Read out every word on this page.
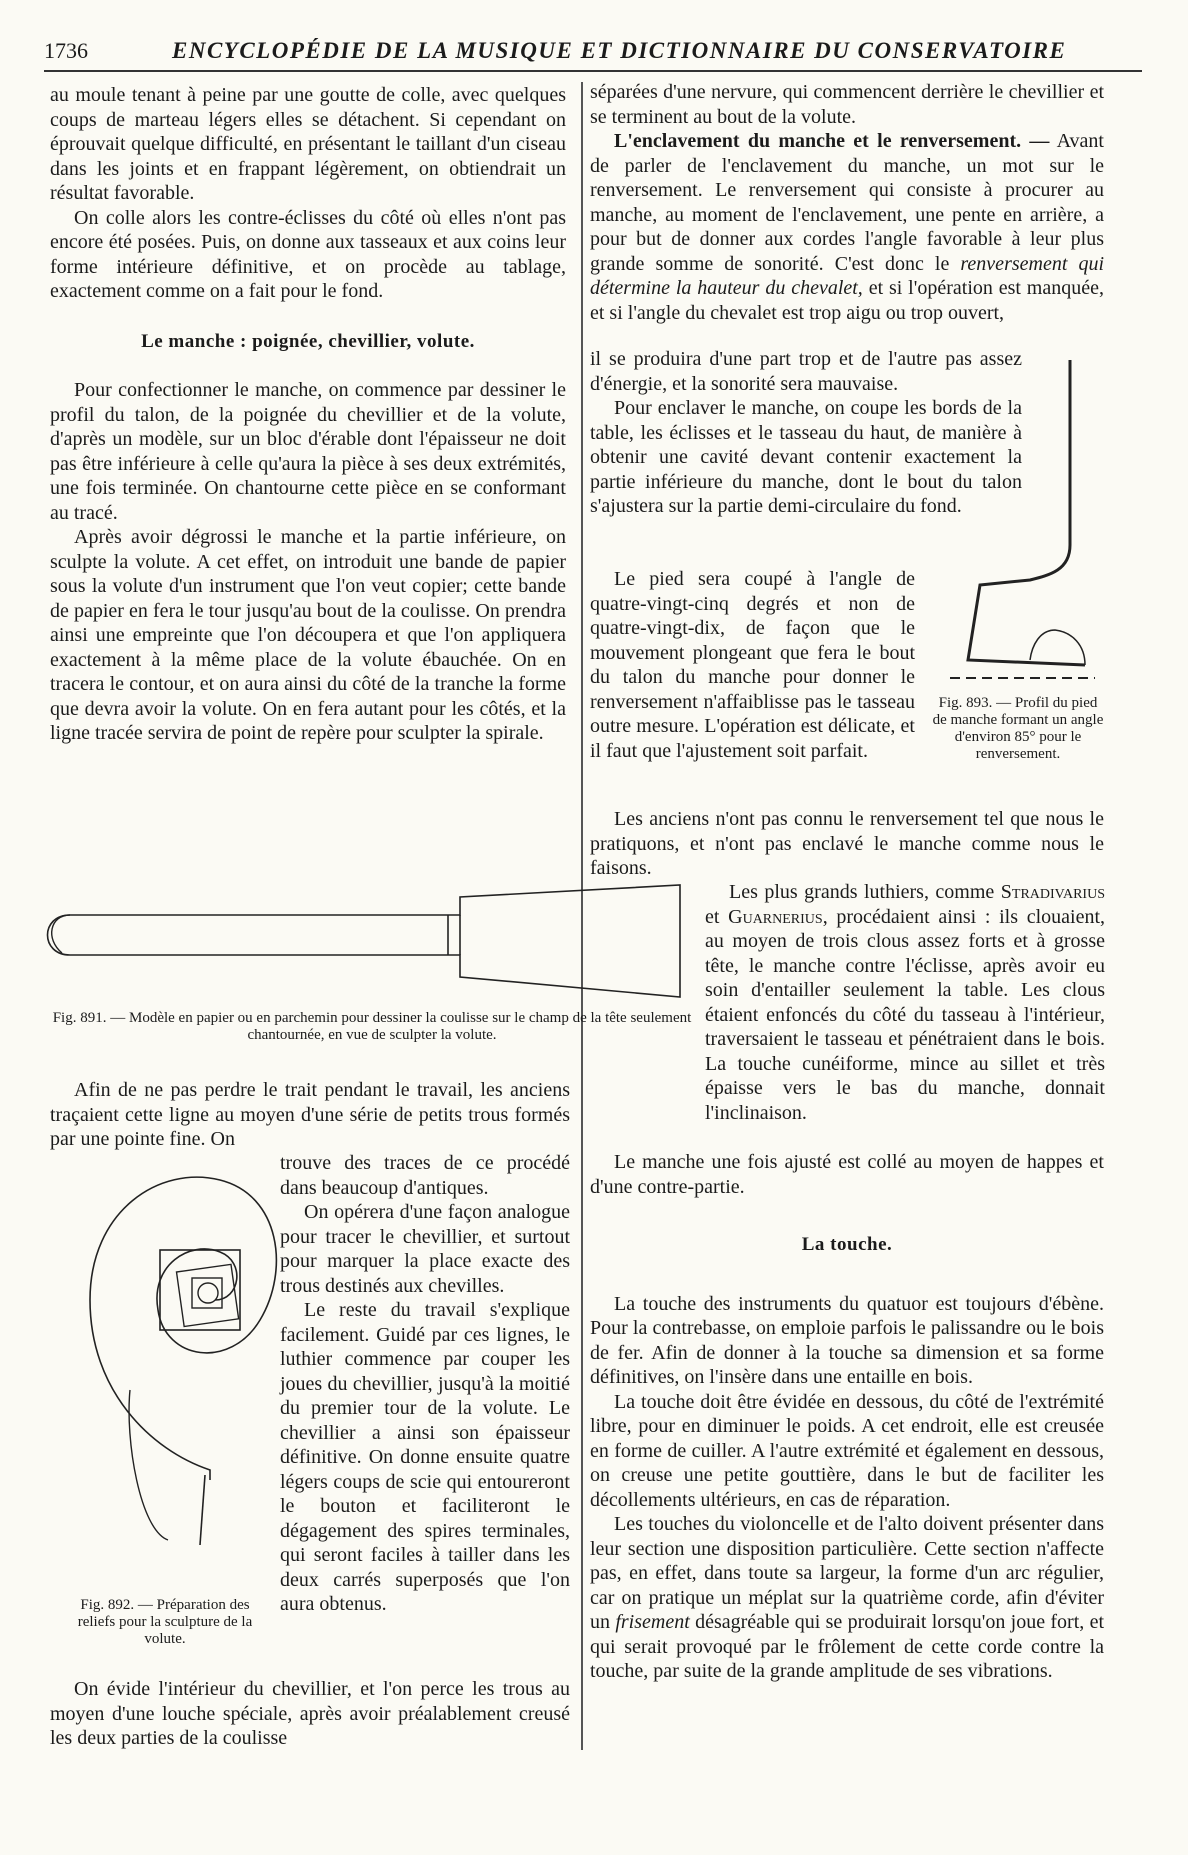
1736	ENCYCLOPÉDIE DE LA MUSIQUE ET DICTIONNAIRE DU CONSERVATOIRE

au moule tenant à peine par une goutte de colle, avec quelques coups de marteau légers elles se détachent. Si cependant on éprouvait quelque difficulté, en présentant le taillant d'un ciseau dans les joints et en frappant légèrement, on obtiendrait un résultat favorable.

On colle alors les contre-éclisses du côté où elles n'ont pas encore été posées. Puis, on donne aux tasseaux et aux coins leur forme intérieure définitive, et on procède au tablage, exactement comme on a fait pour le fond.

Le manche : poignée, chevillier, volute.

Pour confectionner le manche, on commence par dessiner le profil du talon, de la poignée du chevillier et de la volute, d'après un modèle, sur un bloc d'érable dont l'épaisseur ne doit pas être inférieure à celle qu'aura la pièce à ses deux extrémités, une fois terminée. On chantourne cette pièce en se conformant au tracé.

Après avoir dégrossi le manche et la partie inférieure, on sculpte la volute. A cet effet, on introduit une bande de papier sous la volute d'un instrument que l'on veut copier; cette bande de papier en fera le tour jusqu'au bout de la coulisse. On prendra ainsi une empreinte que l'on découpera et que l'on appliquera exactement à la même place de la volute ébauchée. On en tracera le contour, et on aura ainsi du côté de la tranche la forme que devra avoir la volute. On en fera autant pour les côtés, et la ligne tracée servira de point de repère pour sculpter la spirale.

Fig. 891. — Modèle en papier ou en parchemin pour dessiner la coulisse sur le champ de la tête seulement chantournée, en vue de sculpter la volute.

Afin de ne pas perdre le trait pendant le travail, les anciens traçaient cette ligne au moyen d'une série de petits trous formés par une pointe fine. On

trouve des traces de ce procédé dans beaucoup d'antiques.

On opérera d'une façon analogue pour tracer le chevillier, et surtout pour marquer la place exacte des trous destinés aux chevilles.

Le reste du travail s'explique facilement. Guidé par ces lignes, le luthier commence par couper les joues du chevillier, jusqu'à la moitié du premier tour de la volute. Le chevillier a ainsi son épaisseur définitive. On donne ensuite quatre légers coups de scie qui entoureront le bouton et faciliteront le dégagement des spires terminales, qui seront faciles à tailler dans les deux carrés superposés que l'on aura obtenus.

On évide l'intérieur du chevillier, et l'on perce les trous au moyen d'une louche spéciale, après avoir préalablement creusé les deux parties de la coulisse

Fig. 892. — Préparation des reliefs pour la sculpture de la volute.

séparées d'une nervure, qui commencent derrière le chevillier et se terminent au bout de la volute.

L'enclavement du manche et le renversement. — Avant de parler de l'enclavement du manche, un mot sur le renversement. Le renversement qui consiste à procurer au manche, au moment de l'enclavement, une pente en arrière, a pour but de donner aux cordes l'angle favorable à leur plus grande somme de sonorité. C'est donc le renversement qui détermine la hauteur du chevalet, et si l'opération est manquée, et si l'angle du chevalet est trop aigu ou trop ouvert,

il se produira d'une part trop et de l'autre pas assez d'énergie, et la sonorité sera mauvaise.

Pour enclaver le manche, on coupe les bords de la table, les éclisses et le tasseau du haut, de manière à obtenir une cavité devant contenir exactement la partie inférieure du manche, dont le bout du talon s'ajustera sur la partie demi-circulaire du fond.

Le pied sera coupé à l'angle de quatre-vingt-cinq degrés et non de quatre-vingt-dix, de façon que le mouvement plongeant que fera le bout du talon du manche pour donner le renversement n'affaiblisse pas le tasseau outre mesure. L'opération est délicate, et il faut que l'ajustement soit parfait.

Fig. 893. — Profil du pied de manche formant un angle d'environ 85° pour le renversement.

Les anciens n'ont pas connu le renversement tel que nous le pratiquons, et n'ont pas enclavé le manche comme nous le faisons.

Les plus grands luthiers, comme Stradivarius et Guarnerius, procédaient ainsi : ils clouaient, au moyen de trois clous assez forts et à grosse tête, le manche contre l'éclisse, après avoir eu soin d'entailler seulement la table. Les clous étaient enfoncés du côté du tasseau à l'intérieur, traversaient le tasseau et pénétraient dans le bois. La touche cunéiforme, mince au sillet et très épaisse vers le bas du manche, donnait l'inclinaison.

Le manche une fois ajusté est collé au moyen de happes et d'une contre-partie.

La touche.

La touche des instruments du quatuor est toujours d'ébène. Pour la contrebasse, on emploie parfois le palissandre ou le bois de fer. Afin de donner à la touche sa dimension et sa forme définitives, on l'insère dans une entaille en bois.

La touche doit être évidée en dessous, du côté de l'extrémité libre, pour en diminuer le poids. A cet endroit, elle est creusée en forme de cuiller. A l'autre extrémité et également en dessous, on creuse une petite gouttière, dans le but de faciliter les décollements ultérieurs, en cas de réparation.

Les touches du violoncelle et de l'alto doivent présenter dans leur section une disposition particulière. Cette section n'affecte pas, en effet, dans toute sa largeur, la forme d'un arc régulier, car on pratique un méplat sur la quatrième corde, afin d'éviter un frisement désagréable qui se produirait lorsqu'on joue fort, et qui serait provoqué par le frôlement de cette corde contre la touche, par suite de la grande amplitude de ses vibrations.
